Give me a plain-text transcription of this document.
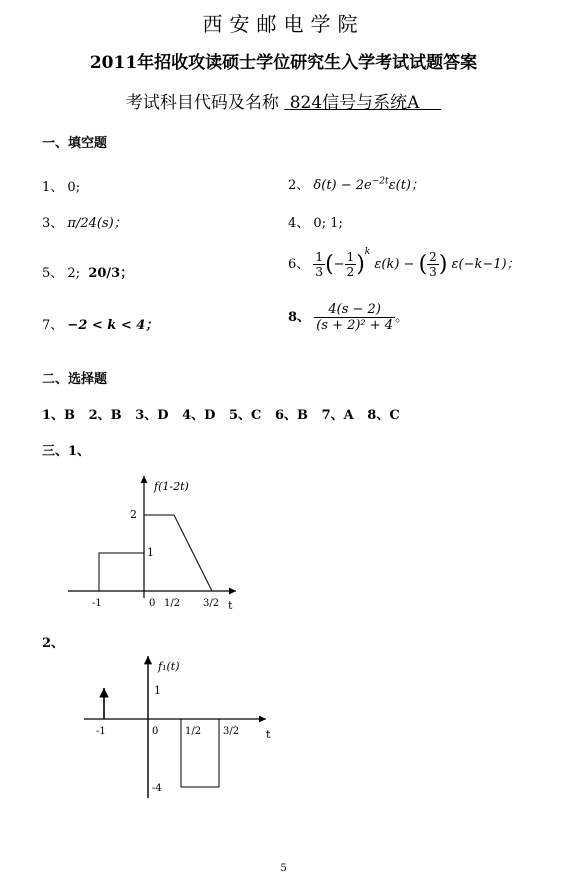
西安邮电学院
2011年招收攻读硕士学位研究生入学考试试题答案
考试科目代码及名称 824信号与系统A
一、填空题
1、 0;	2、 $\delta(t) - 2e^{-2t}\varepsilon(t)$；
3、 π/24(s)；	4、 0; 1;
5、 2; 20/3；
6、 $\frac{1}{3}$ (− $\frac{1}{2} )^k$ ε(k) − ( $\frac{2}{3}$ ) ε(−k−1)；
7、 −2 < k < 4；
8、 $\frac{4(s - 2)}{\text{(s + 2)² + 4}}$ 。
二、选择题
1、B   2、B   3、D   4、D   5、C   6、B   7、A   8、C
三、1、
f(1-2t)
2
1
-1	0 1/2 3/2 t
2、
f₁(t)
1
-4
-1	0	1/2 3/2 t
5
